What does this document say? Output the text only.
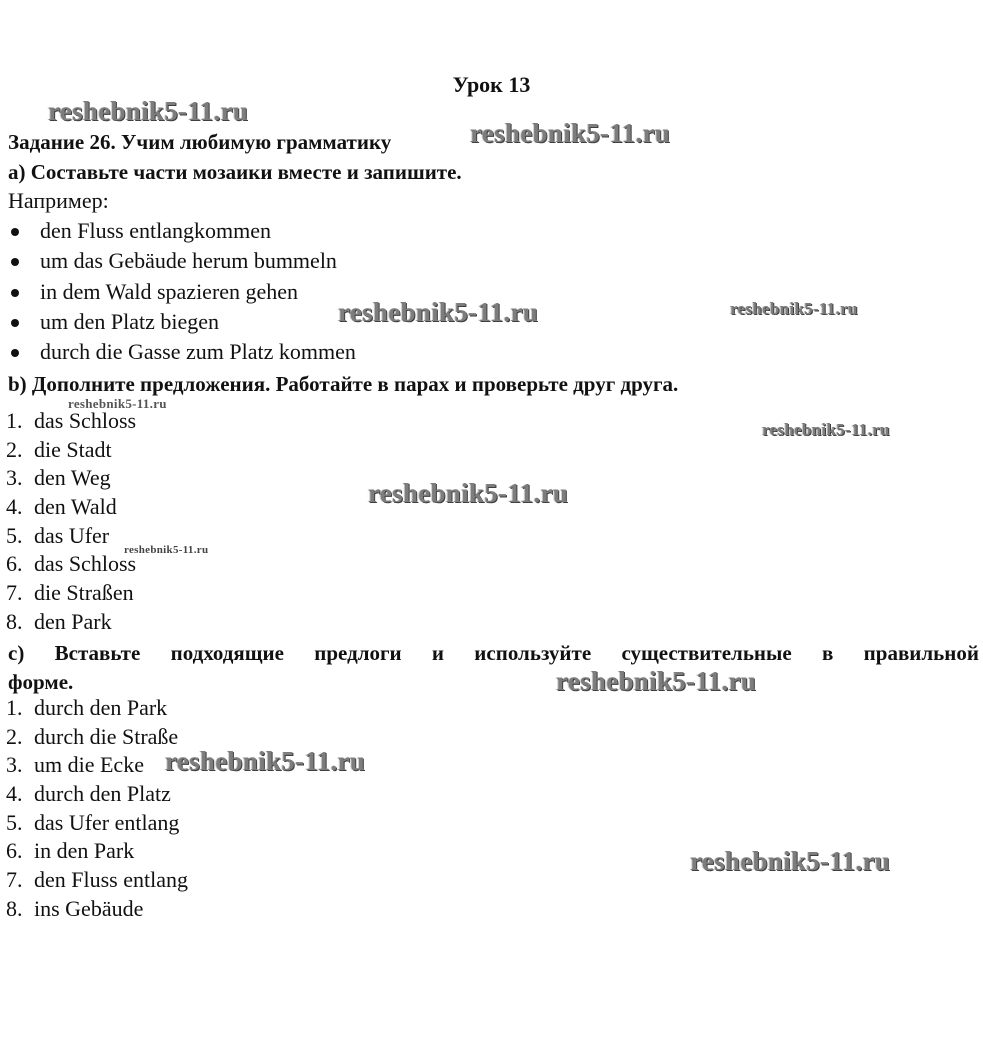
Урок 13
Задание 26. Учим любимую грамматику
a) Составьте части мозаики вместе и запишите.
Например:
den Fluss entlangkommen
um das Gebäude herum bummeln
in dem Wald spazieren gehen
um den Platz biegen
durch die Gasse zum Platz kommen
b) Дополните предложения. Работайте в парах и проверьте друг друга.
1. das Schloss
2. die Stadt
3. den Weg
4. den Wald
5. das Ufer
6. das Schloss
7. die Straßen
8. den Park
c) Вставьте подходящие предлоги и используйте существительные в правильной
форме.
1. durch den Park
2. durch die Straße
3. um die Ecke
4. durch den Platz
5. das Ufer entlang
6. in den Park
7. den Fluss entlang
8. ins Gebäude
reshebnik5-11.ru
reshebnik5-11.ru
reshebnik5-11.ru	reshebnik5-11.ru
reshebnik5-11.ru
reshebnik5-11.ru
reshebnik5-11.ru
reshebnik5-11.ru
reshebnik5-11.ru
reshebnik5-11.ru
reshebnik5-11.ru
